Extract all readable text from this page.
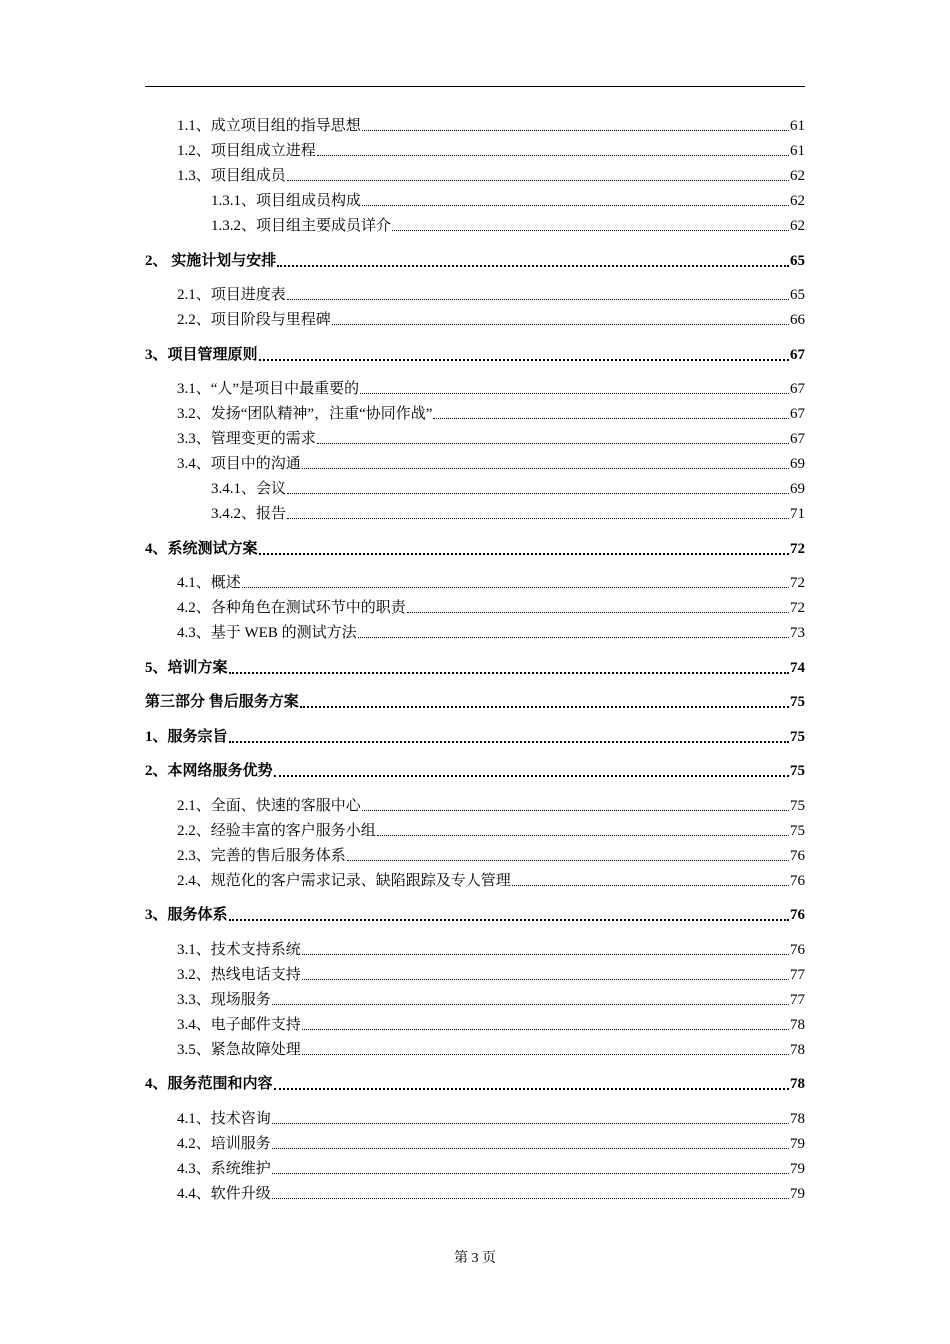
1.1、成立项目组的指导思想	61
1.2、项目组成立进程	61
1.3、项目组成员	62
1.3.1、项目组成员构成	62
1.3.2、项目组主要成员详介	62
2、 实施计划与安排	65
2.1、项目进度表	65
2.2、项目阶段与里程碑	66
3、项目管理原则	67
3.1、“人”是项目中最重要的	67
3.2、发扬“团队精神”，注重“协同作战”	67
3.3、管理变更的需求	67
3.4、项目中的沟通	69
3.4.1、会议	69
3.4.2、报告	71
4、系统测试方案	72
4.1、概述	72
4.2、各种角色在测试环节中的职责	72
4.3、基于 WEB 的测试方法	73
5、培训方案	74
第三部分 售后服务方案	75
1、服务宗旨	75
2、本网络服务优势	75
2.1、全面、快速的客服中心	75
2.2、经验丰富的客户服务小组	75
2.3、完善的售后服务体系	76
2.4、规范化的客户需求记录、缺陷跟踪及专人管理	76
3、服务体系	76
3.1、技术支持系统	76
3.2、热线电话支持	77
3.3、现场服务	77
3.4、电子邮件支持	78
3.5、紧急故障处理	78
4、服务范围和内容	78
4.1、技术咨询	78
4.2、培训服务	79
4.3、系统维护	79
4.4、软件升级	79
第 3 页
